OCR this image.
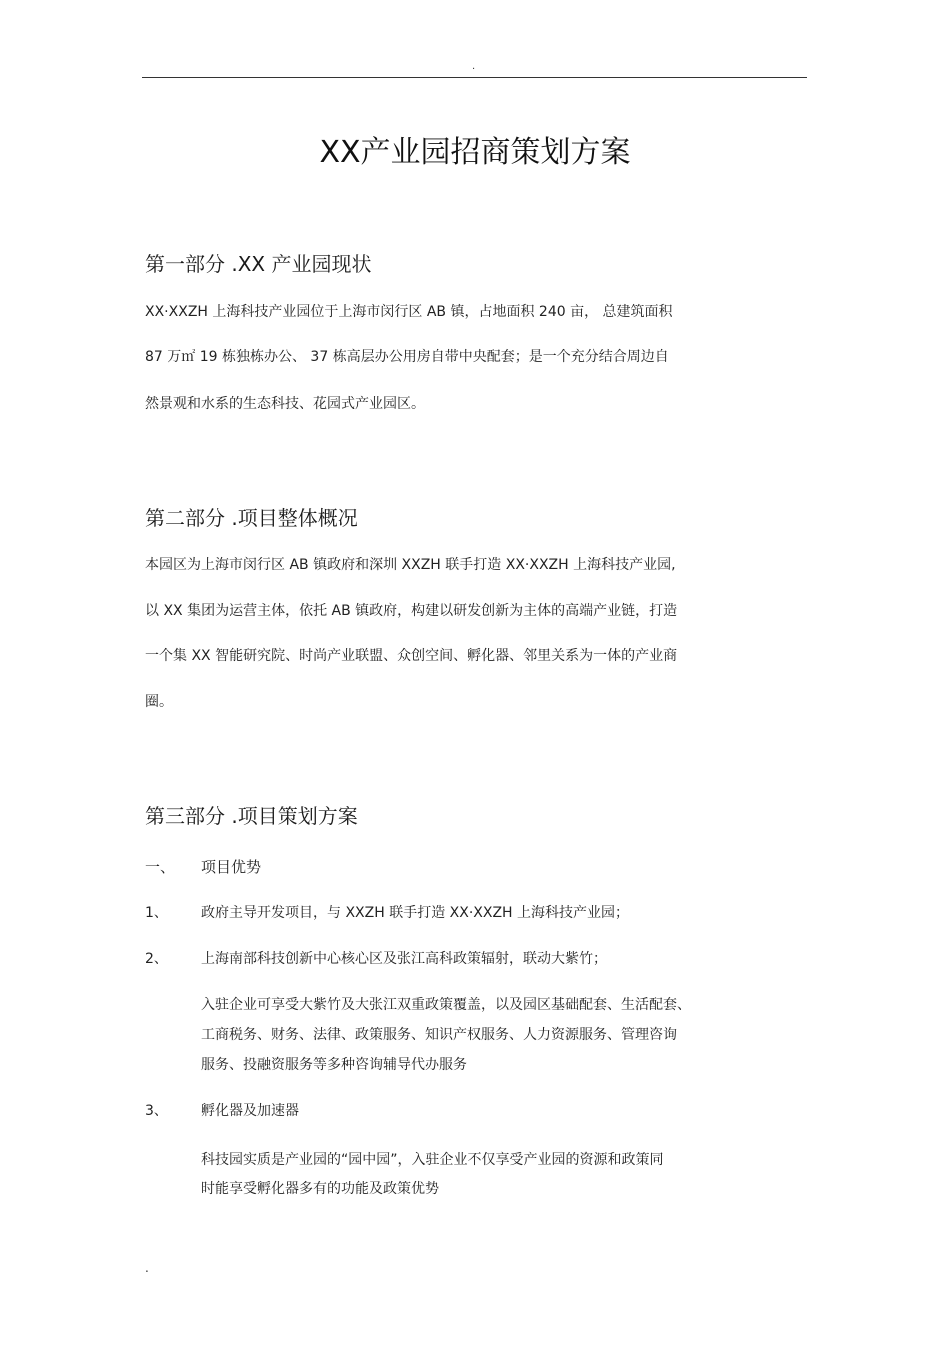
.
XX产业园招商策划方案
第一部分 .XX 产业园现状
XX·XXZH 上海科技产业园位于上海市闵行区 AB 镇，占地面积 240 亩， 总建筑面积
87 万㎡ 19 栋独栋办公、 37 栋高层办公用房自带中央配套；是一个充分结合周边自
然景观和水系的生态科技、花园式产业园区。
第二部分 .项目整体概况
本园区为上海市闵行区 AB 镇政府和深圳 XXZH 联手打造 XX·XXZH 上海科技产业园,
以 XX 集团为运营主体，依托 AB 镇政府，构建以研发创新为主体的高端产业链，打造
一个集 XX 智能研究院、时尚产业联盟、众创空间、孵化器、邻里关系为一体的产业商
圈。
第三部分 .项目策划方案
一、 项目优势
1、 政府主导开发项目，与 XXZH 联手打造 XX·XXZH 上海科技产业园；
2、 上海南部科技创新中心核心区及张江高科政策辐射，联动大紫竹；
入驻企业可享受大紫竹及大张江双重政策覆盖，以及园区基础配套、生活配套、
工商税务、财务、法律、政策服务、知识产权服务、人力资源服务、管理咨询
服务、投融资服务等多种咨询辅导代办服务
3、 孵化器及加速器
科技园实质是产业园的“园中园”，入驻企业不仅享受产业园的资源和政策同
时能享受孵化器多有的功能及政策优势
.
